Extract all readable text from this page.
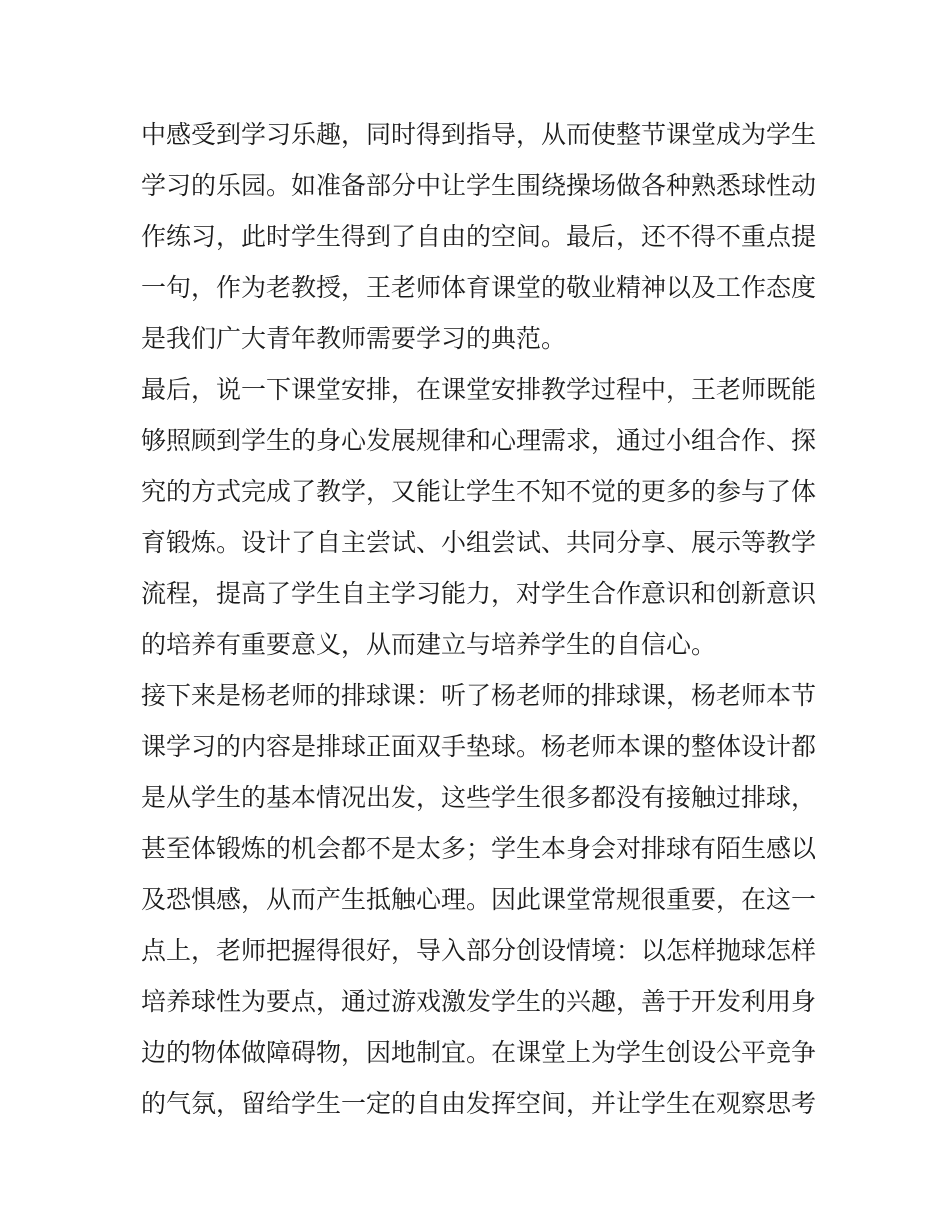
中感受到学习乐趣，同时得到指导，从而使整节课堂成为学生
学习的乐园。如准备部分中让学生围绕操场做各种熟悉球性动
作练习，此时学生得到了自由的空间。最后，还不得不重点提
一句，作为老教授，王老师体育课堂的敬业精神以及工作态度
是我们广大青年教师需要学习的典范。
最后，说一下课堂安排，在课堂安排教学过程中，王老师既能
够照顾到学生的身心发展规律和心理需求，通过小组合作、探
究的方式完成了教学，又能让学生不知不觉的更多的参与了体
育锻炼。设计了自主尝试、小组尝试、共同分享、展示等教学
流程，提高了学生自主学习能力，对学生合作意识和创新意识
的培养有重要意义，从而建立与培养学生的自信心。
接下来是杨老师的排球课：听了杨老师的排球课，杨老师本节
课学习的内容是排球正面双手垫球。杨老师本课的整体设计都
是从学生的基本情况出发，这些学生很多都没有接触过排球，
甚至体锻炼的机会都不是太多；学生本身会对排球有陌生感以
及恐惧感，从而产生抵触心理。因此课堂常规很重要，在这一
点上，老师把握得很好，导入部分创设情境：以怎样抛球怎样
培养球性为要点，通过游戏激发学生的兴趣，善于开发利用身
边的物体做障碍物，因地制宜。在课堂上为学生创设公平竞争
的气氛，留给学生一定的自由发挥空间，并让学生在观察思考
